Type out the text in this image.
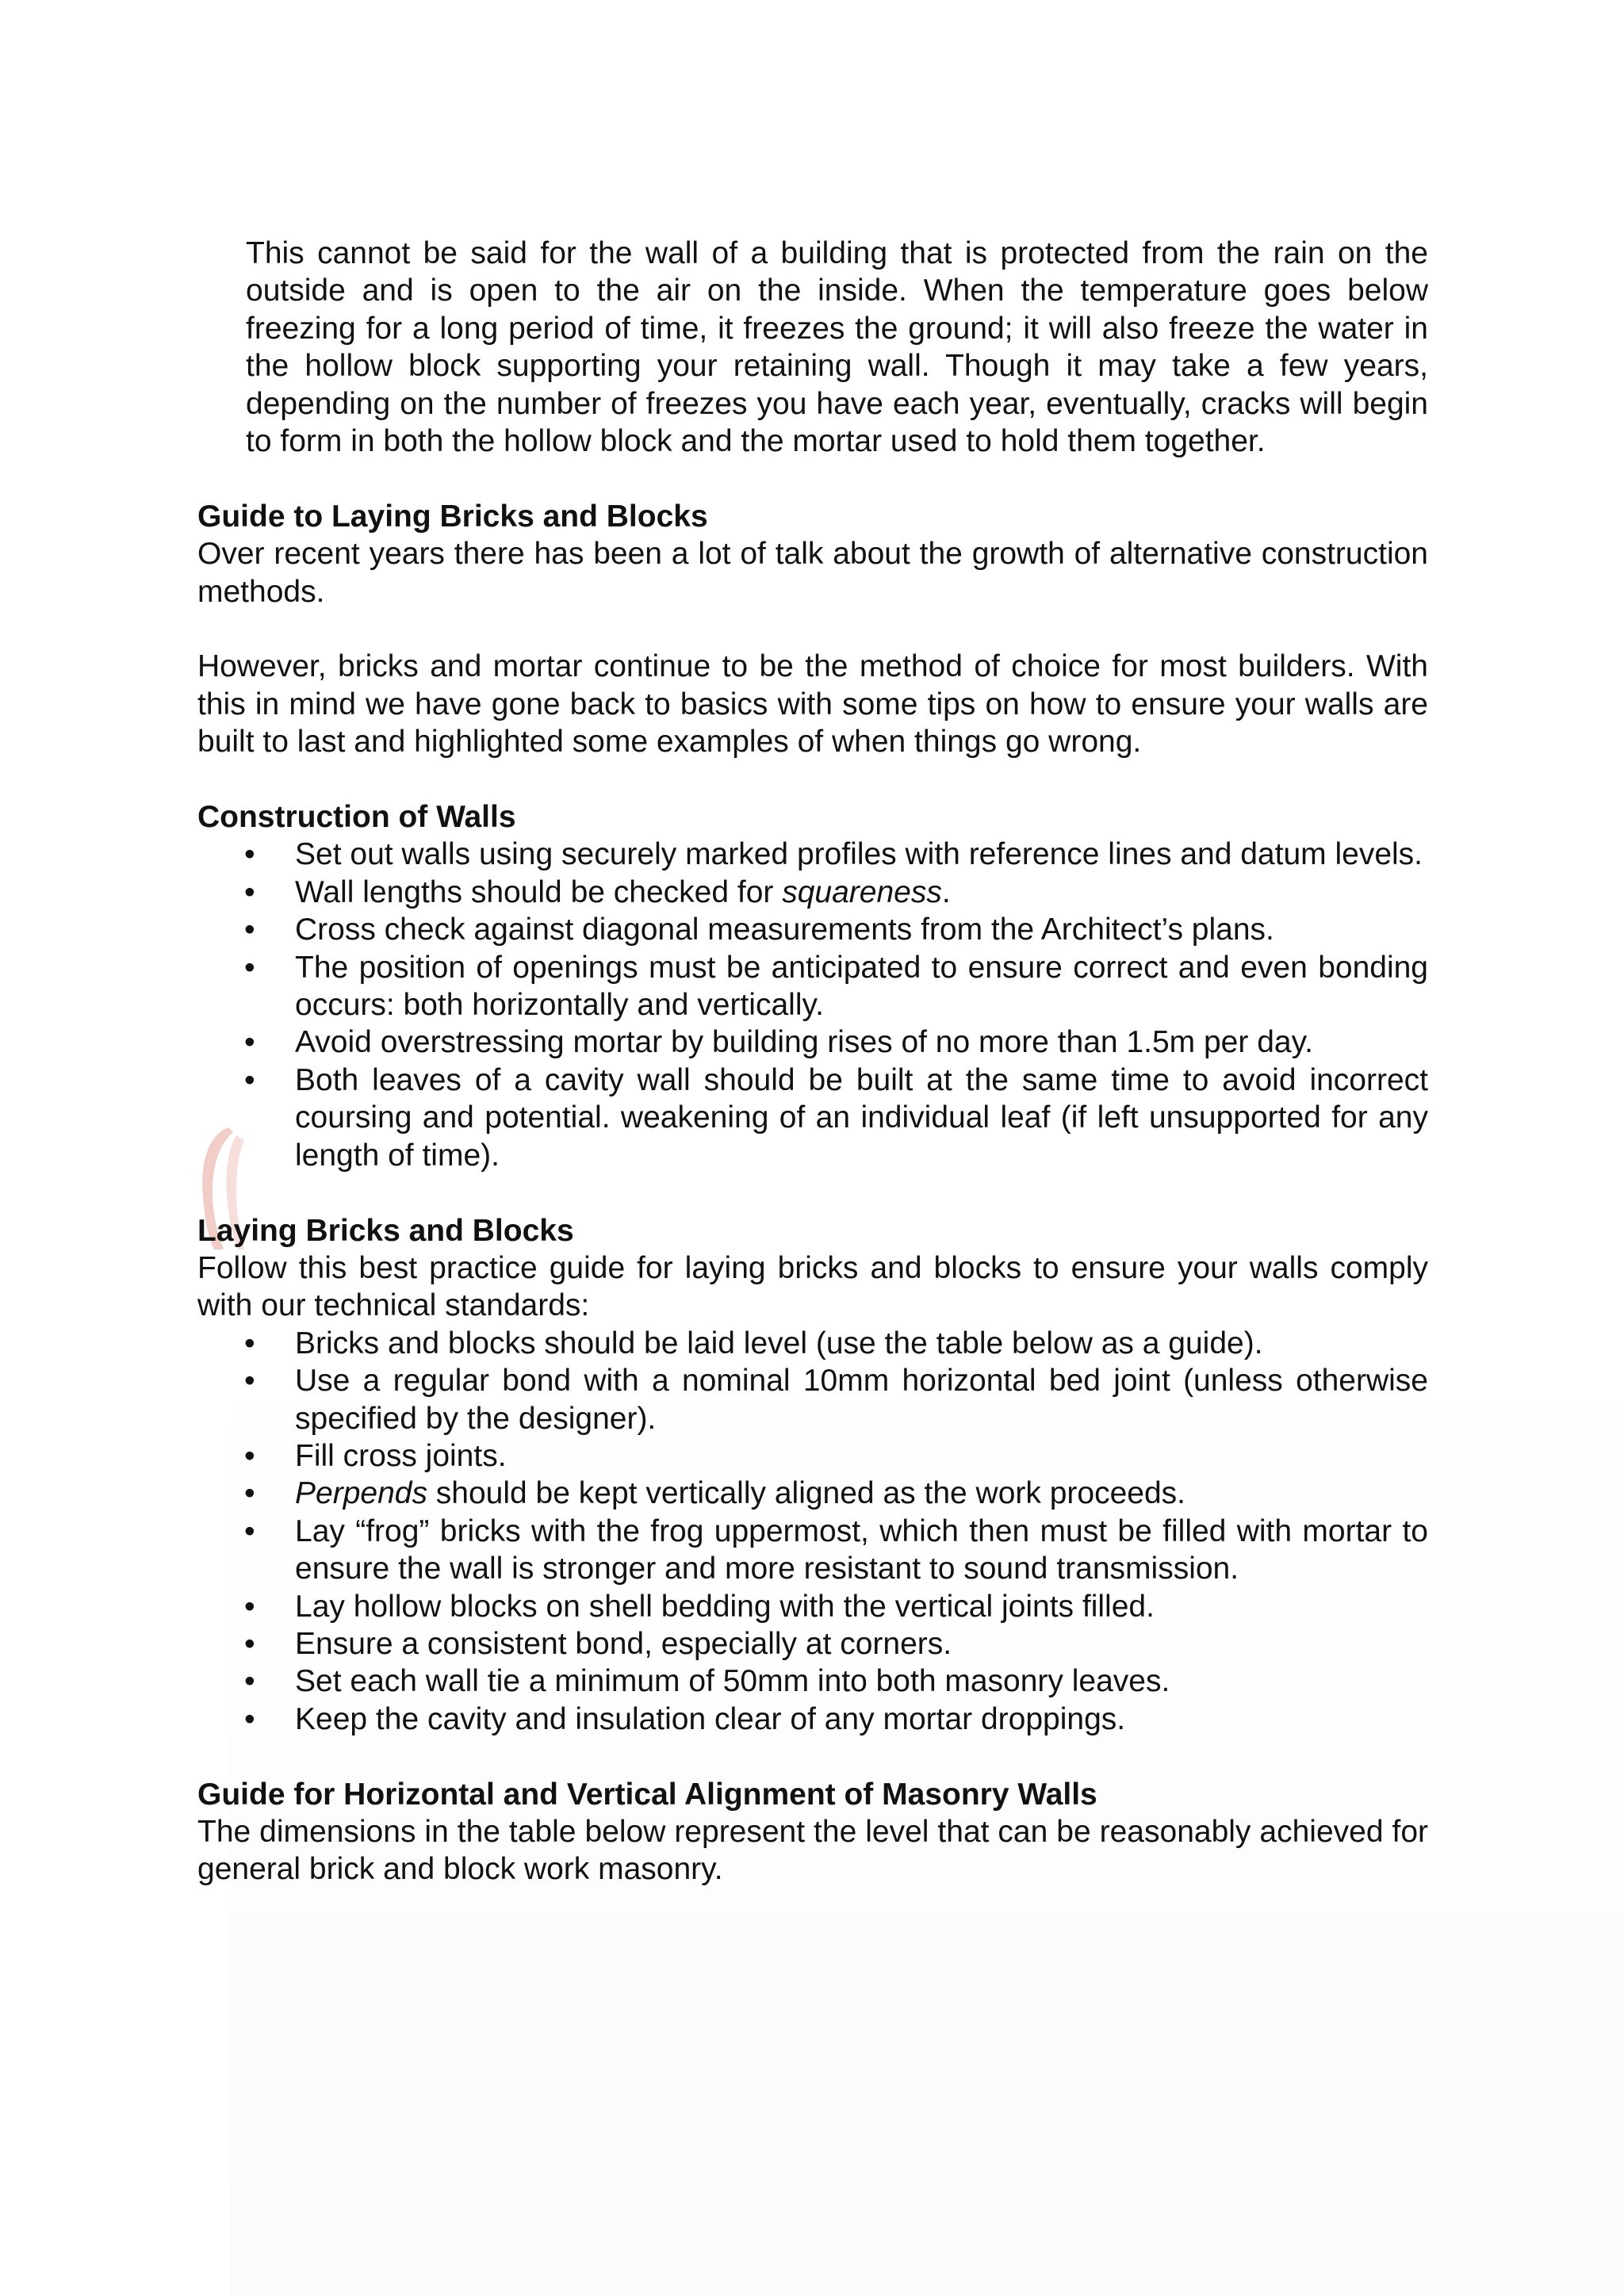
This cannot be said for the wall of a building that is protected from the rain on the outside and is open to the air on the inside. When the temperature goes below freezing for a long period of time, it freezes the ground; it will also freeze the water in the hollow block supporting your retaining wall. Though it may take a few years, depending on the number of freezes you have each year, eventually, cracks will begin to form in both the hollow block and the mortar used to hold them together.

Guide to Laying Bricks and Blocks

Over recent years there has been a lot of talk about the growth of alternative construction methods.

However, bricks and mortar continue to be the method of choice for most builders. With this in mind we have gone back to basics with some tips on how to ensure your walls are built to last and highlighted some examples of when things go wrong.

Construction of Walls
• Set out walls using securely marked profiles with reference lines and datum levels.
• Wall lengths should be checked for squareness.
• Cross check against diagonal measurements from the Architect’s plans.
• The position of openings must be anticipated to ensure correct and even bonding occurs: both horizontally and vertically.
• Avoid overstressing mortar by building rises of no more than 1.5m per day.
• Both leaves of a cavity wall should be built at the same time to avoid incorrect coursing and potential. weakening of an individual leaf (if left unsupported for any length of time).
Laying Bricks and Blocks

Follow this best practice guide for laying bricks and blocks to ensure your walls comply with our technical standards:

• Bricks and blocks should be laid level (use the table below as a guide).
• Use a regular bond with a nominal 10mm horizontal bed joint (unless otherwise specified by the designer).
• Fill cross joints.
• Perpends should be kept vertically aligned as the work proceeds.
• Lay “frog” bricks with the frog uppermost, which then must be filled with mortar to ensure the wall is stronger and more resistant to sound transmission.
• Lay hollow blocks on shell bedding with the vertical joints filled.
• Ensure a consistent bond, especially at corners.
• Set each wall tie a minimum of 50mm into both masonry leaves.
• Keep the cavity and insulation clear of any mortar droppings.
Guide for Horizontal and Vertical Alignment of Masonry Walls

The dimensions in the table below represent the level that can be reasonably achieved for general brick and block work masonry.
